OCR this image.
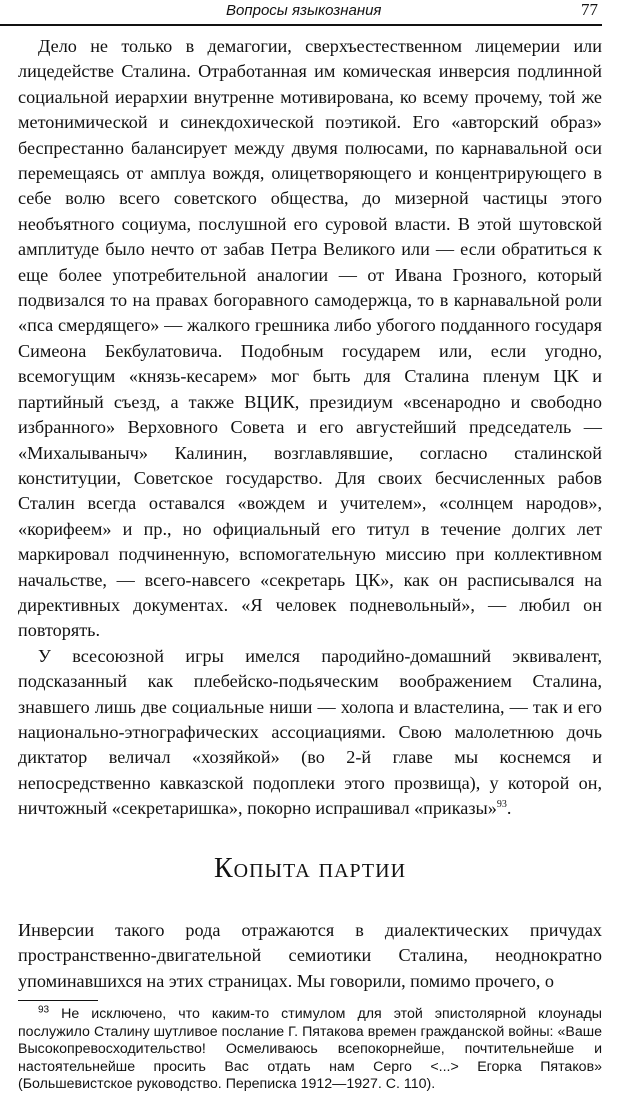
Вопросы языкознания	77

Дело не только в демагогии, сверхъестественном лицемерии или лицедействе Сталина. Отработанная им комическая инверсия подлинной социальной иерархии внутренне мотивирована, ко всему прочему, той же метонимической и синекдохической поэтикой. Его «авторский образ» беспрестанно балансирует между двумя полюсами, по карнавальной оси перемещаясь от амплуа вождя, олицетворяющего и концентрирующего в себе волю всего советского общества, до мизерной частицы этого необъятного социума, послушной его суровой власти. В этой шутовской амплитуде было нечто от забав Петра Великого или — если обратиться к еще более употребительной аналогии — от Ивана Грозного, который подвизался то на правах богоравного самодержца, то в карнавальной роли «пса смердящего» — жалкого грешника либо убогого подданного государя Симеона Бекбулатовича. Подобным государем или, если угодно, всемогущим «князь-кесарем» мог быть для Сталина пленум ЦК и партийный съезд, а также ВЦИК, президиум «всенародно и свободно избранного» Верховного Совета и его августейший председатель — «Михалываныч» Калинин, возглавлявшие, согласно сталинской конституции, Советское государство. Для своих бесчисленных рабов Сталин всегда оставался «вождем и учителем», «солнцем народов», «корифеем» и пр., но официальный его титул в течение долгих лет маркировал подчиненную, вспомогательную миссию при коллективном начальстве, — всего-навсего «секретарь ЦК», как он расписывался на директивных документах. «Я человек подневольный», — любил он повторять.

У всесоюзной игры имелся пародийно-домашний эквивалент, подсказанный как плебейско-подьяческим воображением Сталина, знавшего лишь две социальные ниши — холопа и властелина, — так и его национально-этнографических ассоциациями. Свою малолетнюю дочь диктатор величал «хозяйкой» (во 2-й главе мы коснемся и непосредственно кавказской подоплеки этого прозвища), у которой он, ничтожный «секретаришка», покорно испрашивал «приказы»$^{93}$.

Копыта партии

Инверсии такого рода отражаются в диалектических причудах пространственно-двигательной семиотики Сталина, неоднократно упоминавшихся на этих страницах. Мы говорили, помимо прочего, о

$^{93}$ Не исключено, что каким-то стимулом для этой эпистолярной клоунады послужило Сталину шутливое послание Г. Пятакова времен гражданской войны: «Ваше Высокопревосходительство! Осмеливаюсь всепокорнейше, почтительнейше и настоятельнейше просить Вас отдать нам Серго <...> Егорка Пятаков» (Большевистское руководство. Переписка 1912—1927. С. 110).
